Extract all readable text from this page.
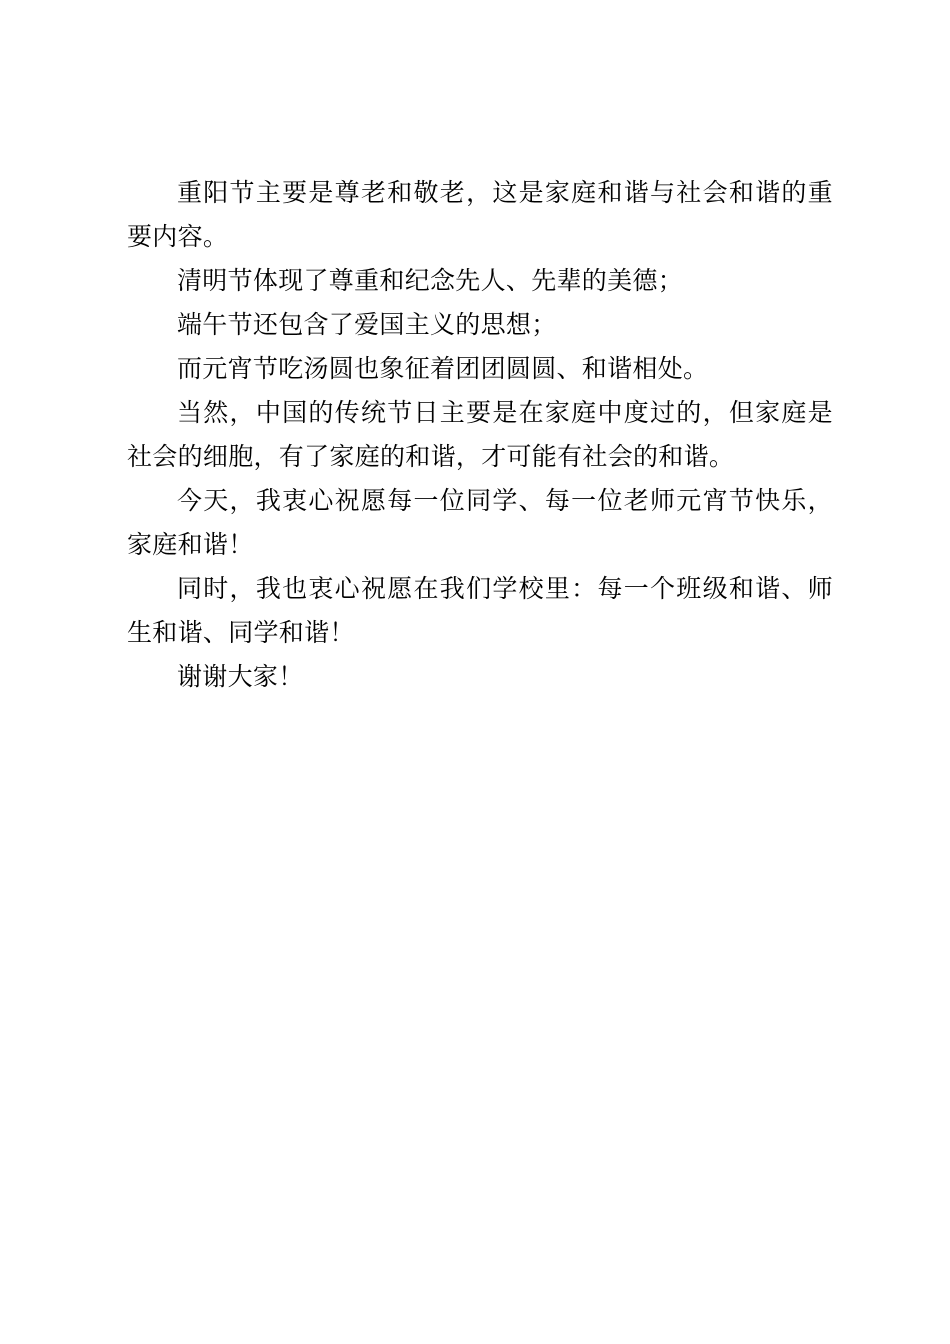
重阳节主要是尊老和敬老，这是家庭和谐与社会和谐的重要内容。

清明节体现了尊重和纪念先人、先辈的美德；

端午节还包含了爱国主义的思想；

而元宵节吃汤圆也象征着团团圆圆、和谐相处。

当然，中国的传统节日主要是在家庭中度过的，但家庭是社会的细胞，有了家庭的和谐，才可能有社会的和谐。

今天，我衷心祝愿每一位同学、每一位老师元宵节快乐，家庭和谐！

同时，我也衷心祝愿在我们学校里：每一个班级和谐、师生和谐、同学和谐！

谢谢大家！
